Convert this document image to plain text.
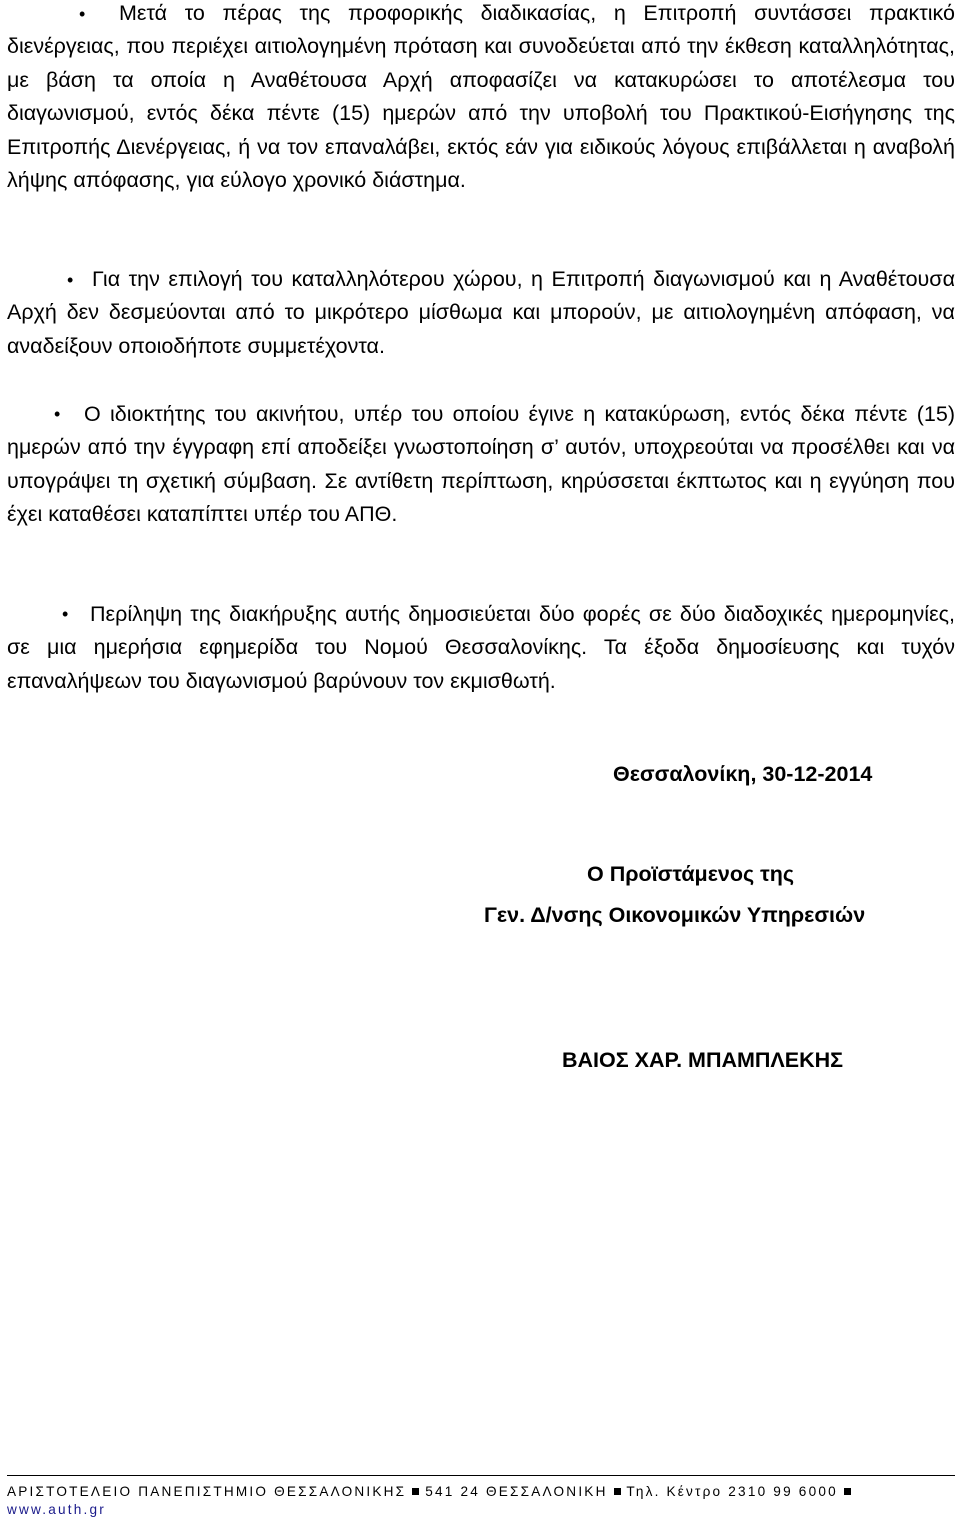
•	Μετά το πέρας της προφορικής διαδικασίας, η Επιτροπή συντάσσει πρακτικό διενέργειας, που περιέχει αιτιολογημένη πρόταση και συνοδεύεται από την έκθεση καταλληλότητας, με βάση τα οποία η Αναθέτουσα Αρχή αποφασίζει να κατακυρώσει το αποτέλεσμα του διαγωνισμού, εντός δέκα πέντε (15) ημερών από την υποβολή του Πρακτικού-Εισήγησης της Επιτροπής Διενέργειας, ή να τον επαναλάβει, εκτός εάν για ειδικούς λόγους επιβάλλεται η αναβολή λήψης απόφασης, για εύλογο χρονικό διάστημα.

• Για την επιλογή του καταλληλότερου χώρου, η Επιτροπή διαγωνισμού και η Αναθέτουσα Αρχή δεν δεσμεύονται από το μικρότερο μίσθωμα και μπορούν, με αιτιολογημένη απόφαση, να αναδείξουν οποιοδήποτε συμμετέχοντα.

•	Ο ιδιοκτήτης του ακινήτου, υπέρ του οποίου έγινε η κατακύρωση, εντός δέκα πέντε (15) ημερών από την έγγραφη επί αποδείξει γνωστοποίηση σ’ αυτόν, υποχρεούται να προσέλθει και να υπογράψει τη σχετική σύμβαση. Σε αντίθετη περίπτωση, κηρύσσεται έκπτωτος και η εγγύηση που έχει καταθέσει καταπίπτει υπέρ του ΑΠΘ.

•	Περίληψη της διακήρυξης αυτής δημοσιεύεται δύο φορές σε δύο διαδοχικές ημερομηνίες, σε μια ημερήσια εφημερίδα του Νομού Θεσσαλονίκης. Τα έξοδα δημοσίευσης και τυχόν επαναλήψεων του διαγωνισμού βαρύνουν τον εκμισθωτή.

Θεσσαλονίκη, 30-12-2014
Ο Προϊστάμενος της
Γεν. Δ/νσης Οικονομικών Υπηρεσιών
ΒΑΙΟΣ ΧΑΡ. ΜΠΑΜΠΛΕΚΗΣ
ΑΡΙΣΤΟΤΕΛΕΙΟ ΠΑΝΕΠΙΣΤΗΜΙΟ ΘΕΣΣΑΛΟΝΙΚΗΣ 541 24 ΘΕΣΣΑΛΟΝΙΚΗ Τηλ. Κέντρο 2310 99 6000
www.auth.gr
